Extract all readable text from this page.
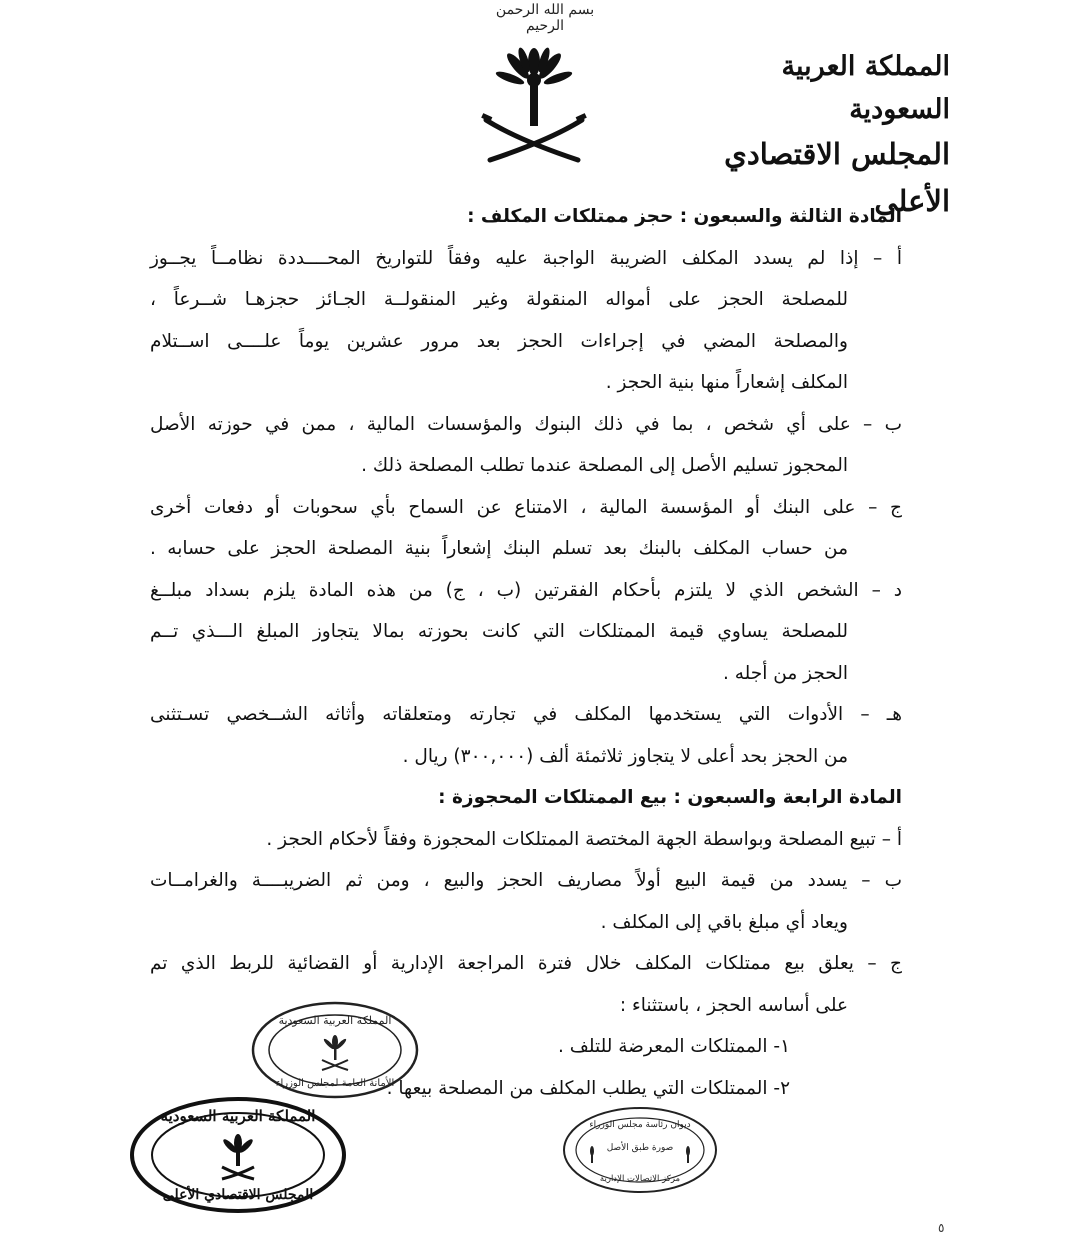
بسم الله الرحمن الرحيم
المملكة العربية السعودية
المجلس الاقتصادي الأعلى
المادة الثالثة والسبعون : حجز ممتلكات المكلف :
أ – إذا لم يسدد المكلف الضريبة الواجبة عليه وفقاً للتواريخ المحــــددة نظامــاً يجــوز
للمصلحة الحجز على أمواله المنقولة وغير المنقولــة الجـائز حجزهـا شــرعاً ،
والمصلحة المضي في إجراءات الحجز بعد مرور عشرين يوماً علــــى اســتلام
المكلف إشعاراً منها بنية الحجز .
ب – على أي شخص ، بما في ذلك البنوك والمؤسسات المالية ، ممن في حوزته الأصل
المحجوز تسليم الأصل إلى المصلحة عندما تطلب المصلحة ذلك .
ج – على البنك أو المؤسسة المالية ، الامتناع عن السماح بأي سحوبات أو دفعات أخرى
من حساب المكلف بالبنك بعد تسلم البنك إشعاراً بنية المصلحة الحجز على حسابه .
د – الشخص الذي لا يلتزم بأحكام الفقرتين (ب ، ج) من هذه المادة يلزم بسداد مبلــغ
للمصلحة يساوي قيمة الممتلكات التي كانت بحوزته بمالا يتجاوز المبلغ الـــذي تــم
الحجز من أجله .
هـ – الأدوات التي يستخدمها المكلف في تجارته ومتعلقاته وأثاثه الشــخصي تسـتثنى
من الحجز بحد أعلى لا يتجاوز ثلاثمئة ألف (٣٠٠,٠٠٠) ريال .
المادة الرابعة والسبعون : بيع الممتلكات المحجوزة :
أ – تبيع المصلحة وبواسطة الجهة المختصة الممتلكات المحجوزة وفقاً لأحكام الحجز .
ب – يسدد من قيمة البيع أولاً مصاريف الحجز والبيع ، ومن ثم الضريبــــة والغرامــات
ويعاد أي مبلغ باقي إلى المكلف .
ج – يعلق بيع ممتلكات المكلف خلال فترة المراجعة الإدارية أو القضائية للربط الذي تم
على أساسه الحجز ، باستثناء :
١- الممتلكات المعرضة للتلف .
٢- الممتلكات التي يطلب المكلف من المصلحة بيعها .
المملكة العربية السعودية
الأمانة العامة لمجلس الوزراء
المملكة العربية السعودية
المجلس الاقتصادي الأعلى
ديوان رئاسة مجلس الوزراء
صورة طبق الأصل
مركز الاتصالات الإدارية
٥
